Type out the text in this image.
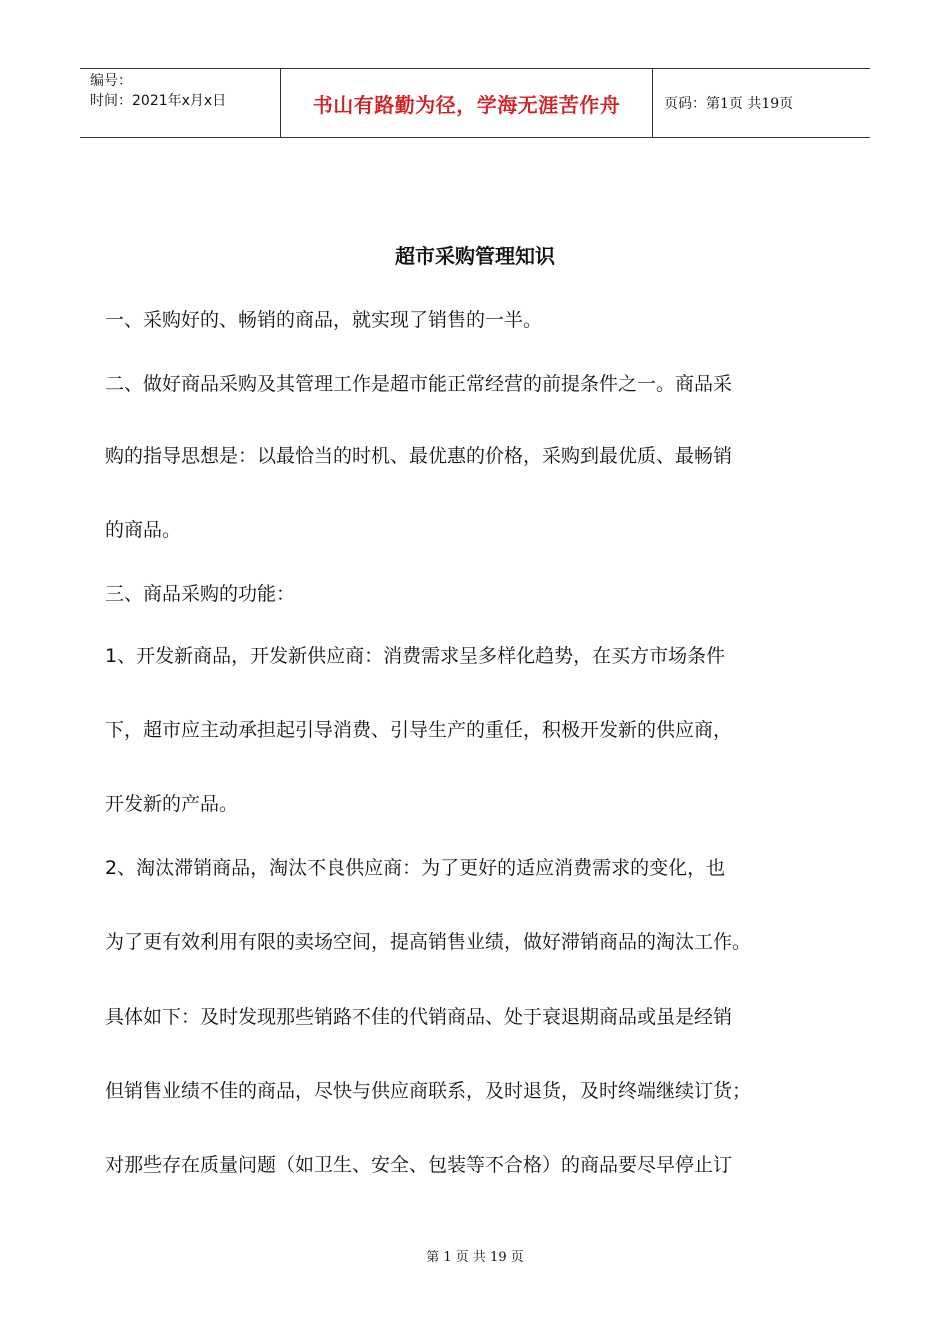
编号：
时间：2021年x月x日	书山有路勤为径，学海无涯苦作舟	页码：第1页 共19页
超市采购管理知识
一、采购好的、畅销的商品，就实现了销售的一半。
二、做好商品采购及其管理工作是超市能正常经营的前提条件之一。商品采
购的指导思想是：以最恰当的时机、最优惠的价格，采购到最优质、最畅销
的商品。
三、商品采购的功能：
1、开发新商品，开发新供应商：消费需求呈多样化趋势，在买方市场条件
下，超市应主动承担起引导消费、引导生产的重任，积极开发新的供应商，
开发新的产品。
2、淘汰滞销商品，淘汰不良供应商：为了更好的适应消费需求的变化，也
为了更有效利用有限的卖场空间，提高销售业绩，做好滞销商品的淘汰工作。
具体如下：及时发现那些销路不佳的代销商品、处于衰退期商品或虽是经销
但销售业绩不佳的商品，尽快与供应商联系，及时退货，及时终端继续订货；
对那些存在质量问题（如卫生、安全、包装等不合格）的商品要尽早停止订
第 1 页 共 19 页
